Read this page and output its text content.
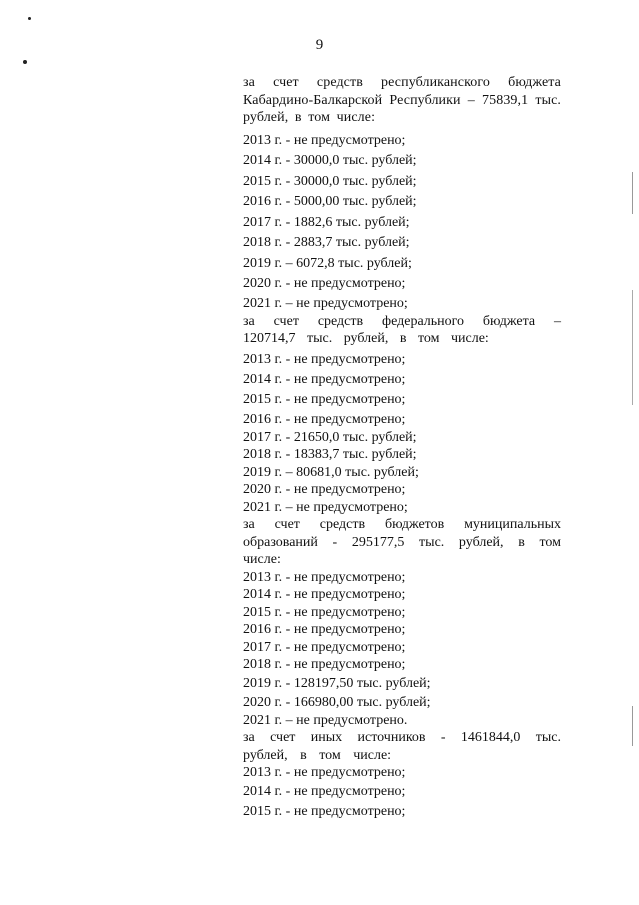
9

за счет средств республиканского бюджета Кабардино-Балкарской Республики – 75839,1 тыс. рублей, в том числе:

2013 г. - не предусмотрено;

2014 г. - 30000,0 тыс. рублей;

2015 г. - 30000,0 тыс. рублей;

2016 г. - 5000,00 тыс. рублей;

2017 г. - 1882,6 тыс. рублей;

2018 г. - 2883,7 тыс. рублей;

2019 г. – 6072,8 тыс. рублей;

2020 г. - не предусмотрено;

2021 г. – не предусмотрено;

за счет средств федерального бюджета – 120714,7 тыс. рублей, в том числе:

2013 г. - не предусмотрено;

2014 г. - не предусмотрено;

2015 г. - не предусмотрено;

2016 г. - не предусмотрено;

2017 г. - 21650,0 тыс. рублей;

2018 г. - 18383,7 тыс. рублей;

2019 г. – 80681,0 тыс. рублей;

2020 г. - не предусмотрено;

2021 г. – не предусмотрено;

за счет средств бюджетов муниципальных образований - 295177,5 тыс. рублей, в том числе:

2013 г. - не предусмотрено;

2014 г. - не предусмотрено;

2015 г. - не предусмотрено;

2016 г. - не предусмотрено;

2017 г. - не предусмотрено;

2018 г. - не предусмотрено;

2019 г. - 128197,50 тыс. рублей;

2020 г. - 166980,00 тыс. рублей;

2021 г. – не предусмотрено.

за счет иных источников - 1461844,0 тыс. рублей, в том числе:

2013 г. - не предусмотрено;

2014 г. - не предусмотрено;

2015 г. - не предусмотрено;
